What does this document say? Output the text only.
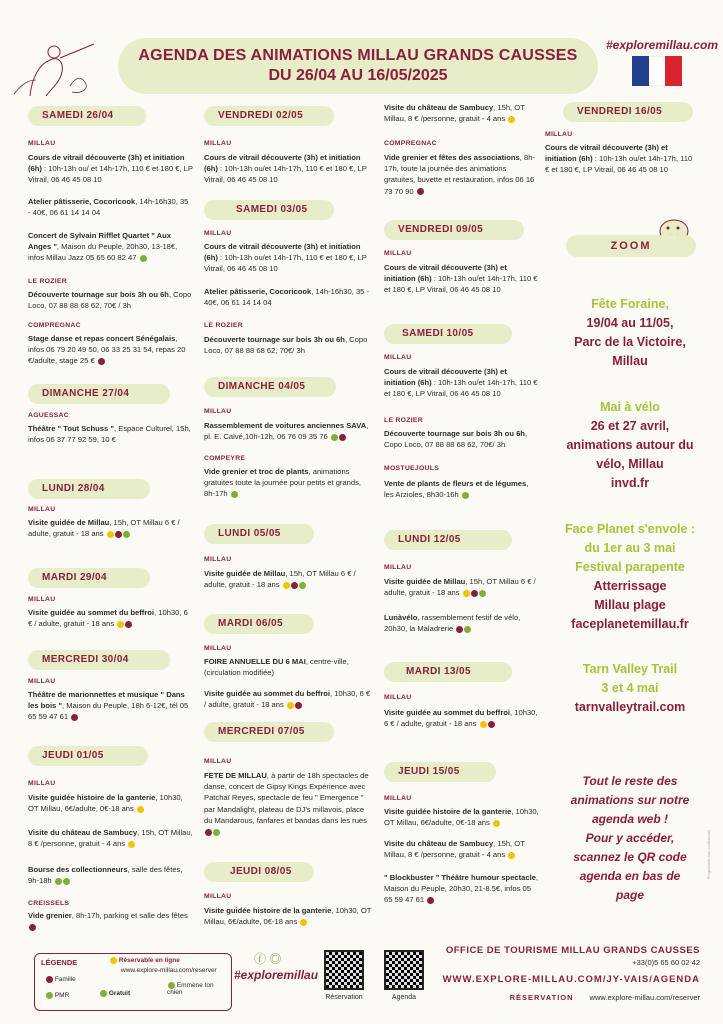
AGENDA DES ANIMATIONS MILLAU GRANDS CAUSSES
DU 26/04 AU 16/05/2025
#exploremillau.com
SAMEDI 26/04
MILLAU
Cours de vitrail découverte (3h) et initiation (6h) : 10h-13h ou/ et 14h-17h, 110 € et 180 €, LP Vitrail, 06 46 45 08 10
Atelier pâtisserie, Cocoricook, 14h-16h30, 35 - 40€, 06 61 14 14 04
Concert de Sylvain Rifflet Quartet " Aux Anges ", Maison du Peuple, 20h30, 13-18€, infos Millau Jazz 05 65 60 82 47
LE ROZIER
Découverte tournage sur bois 3h ou 6h, Copo Loco, 07 88 88 68 62, 70€ / 3h
COMPREGNAC
Stage danse et repas concert Sénégalais, infos 06 79 20 49 50, 06 33 25 31 54, repas 20 €/adulte, stage 25 €
DIMANCHE 27/04
AGUESSAC
Théâtre " Tout Schuss ", Espace Culturel, 15h, infos 06 37 77 92 59, 10 €
LUNDI 28/04
MILLAU
Visite guidée de Millau, 15h, OT Millau 6 € / adulte, gratuit - 18 ans
MARDI 29/04
MILLAU
Visite guidée au sommet du beffroi, 10h30, 6 € / adulte, gratuit - 18 ans
MERCREDI 30/04
MILLAU
Théâtre de marionnettes et musique " Dans les bois ", Maison du Peuple, 18h 6-12€, tél 05 65 59 47 61
JEUDI 01/05
MILLAU
Visite guidée histoire de la ganterie, 10h30, OT Millau, 6€/adulte, 0€-18 ans
Visite du château de Sambucy, 15h, OT Millau, 8 € /personne, gratuit - 4 ans
Bourse des collectionneurs, salle des fêtes, 9h-18h
CREISSELS
Vide grenier, 8h-17h, parking et salle des fêtes
VENDREDI 02/05
MILLAU
Cours de vitrail découverte (3h) et initiation (6h) : 10h-13h ou/et 14h-17h, 110 € et 180 €, LP Vitrail, 06 46 45 08 10
SAMEDI 03/05
MILLAU
Cours de vitrail découverte (3h) et initiation (6h) : 10h-13h ou/et 14h-17h, 110 € et 180 €, LP Vitrail, 06 46 45 08 10
Atelier pâtisserie, Cocoricook, 14h-16h30, 35 - 40€, 06 61 14 14 04
LE ROZIER
Découverte tournage sur bois 3h ou 6h, Copo Loco, 07 88 88 68 62, 70€/ 3h
DIMANCHE 04/05
MILLAU
Rassemblement de voitures anciennes SAVA, pl. E. Calvé,10h-12h, 06 76 09 35 76
COMPEYRE
Vide grenier et troc de plants, animations gratuites toute la journée pour petits et grands, 8h-17h
LUNDI 05/05
MILLAU
Visite guidée de Millau, 15h, OT Millau 6 € / adulte, gratuit - 18 ans
MARDI 06/05
MILLAU
FOIRE ANNUELLE DU 6 MAI, centre-ville, (circulation modifiée)
Visite guidée au sommet du beffroi, 10h30, 6 € / adulte, gratuit - 18 ans
MERCREDI 07/05
MILLAU
FETE DE MILLAU, à partir de 18h spectacles de danse, concert de Gipsy Kings Expérience avec Patchaï Reyes, spectacle de feu " Emergence " par Mandalight, plateau de DJ's millavois, place du Mandarous, fanfares et bandas dans les rues
JEUDI 08/05
MILLAU
Visite guidée histoire de la ganterie, 10h30, OT Millau, 6€/adulte, 0€-18 ans
Visite du château de Sambucy, 15h, OT Millau, 8 € /personne, gratuit - 4 ans
COMPREGNAC
Vide grenier et fêtes des associations, 8h-17h, toute la journée des animations gratuites, buvette et restauration, infos 06 16 73 70 90
VENDREDI 09/05
MILLAU
Cours de vitrail découverte (3h) et initiation (6h) : 10h-13h ou/et 14h-17h, 110 € et 180 €, LP Vitrail, 06 46 45 08 10
SAMEDI 10/05
MILLAU
Cours de vitrail découverte (3h) et initiation (6h) : 10h-13h ou/et 14h-17h, 110 € et 180 €, LP Vitrail, 06 46 45 08 10
LE ROZIER
Découverte tournage sur bois 3h ou 6h, Copo Loco, 07 88 88 68 62, 70€/ 3h
MOSTUEJOULS
Vente de plants de fleurs et de légumes, les Arzioles, 8h30-16h
LUNDI 12/05
MILLAU
Visite guidée de Millau, 15h, OT Millau 6 € / adulte, gratuit - 18 ans
Lunàvélo, rassemblement festif de vélo, 20h30, la Maladrerie
MARDI 13/05
MILLAU
Visite guidée au sommet du beffroi, 10h30, 6 € / adulte, gratuit - 18 ans
JEUDI 15/05
MILLAU
Visite guidée histoire de la ganterie, 10h30, OT Millau, 6€/adulte, 0€-18 ans
Visite du château de Sambucy, 15h, OT Millau, 8 € /personne, gratuit - 4 ans
" Blockbuster " Théâtre humour spectacle, Maison du Peuple, 20h30, 21-8.5€, infos 05 65 59 47 61
VENDREDI 16/05
MILLAU
Cours de vitrail découverte (3h) et initiation (6h) : 10h-13h ou/et 14h-17h, 110 € et 180 €, LP Vitrail, 06 46 45 08 10
ZOOM
Fête Foraine,
19/04 au 11/05,
Parc de la Victoire,
Millau
Mai à vélo
26 et 27 avril,
animations autour du
vélo, Millau
invd.fr
Face Planet s'envole :
du 1er au 3 mai
Festival parapente
Atterrissage
Millau plage
faceplanetemillau.fr
Tarn Valley Trail
3 et 4 mai
tarnvalleytrail.com
Tout le reste des
animations sur notre
agenda web !
Pour y accéder,
scannez le QR code
agenda en bas de
page
Programme non contractuel
LÉGENDE	Réservable en ligne
www.explore-millau.com/reserver
Famille
PMR	Gratuit
Emmène ton chien
ⓕ ◎
#exploremillau
Réservation	Agenda
OFFICE DE TOURISME MILLAU GRANDS CAUSSES
+33(0)5 65 60 02 42
WWW.EXPLORE-MILLAU.COM/JY-VAIS/AGENDA
RÉSERVATION www.explore-millau.com/reserver
